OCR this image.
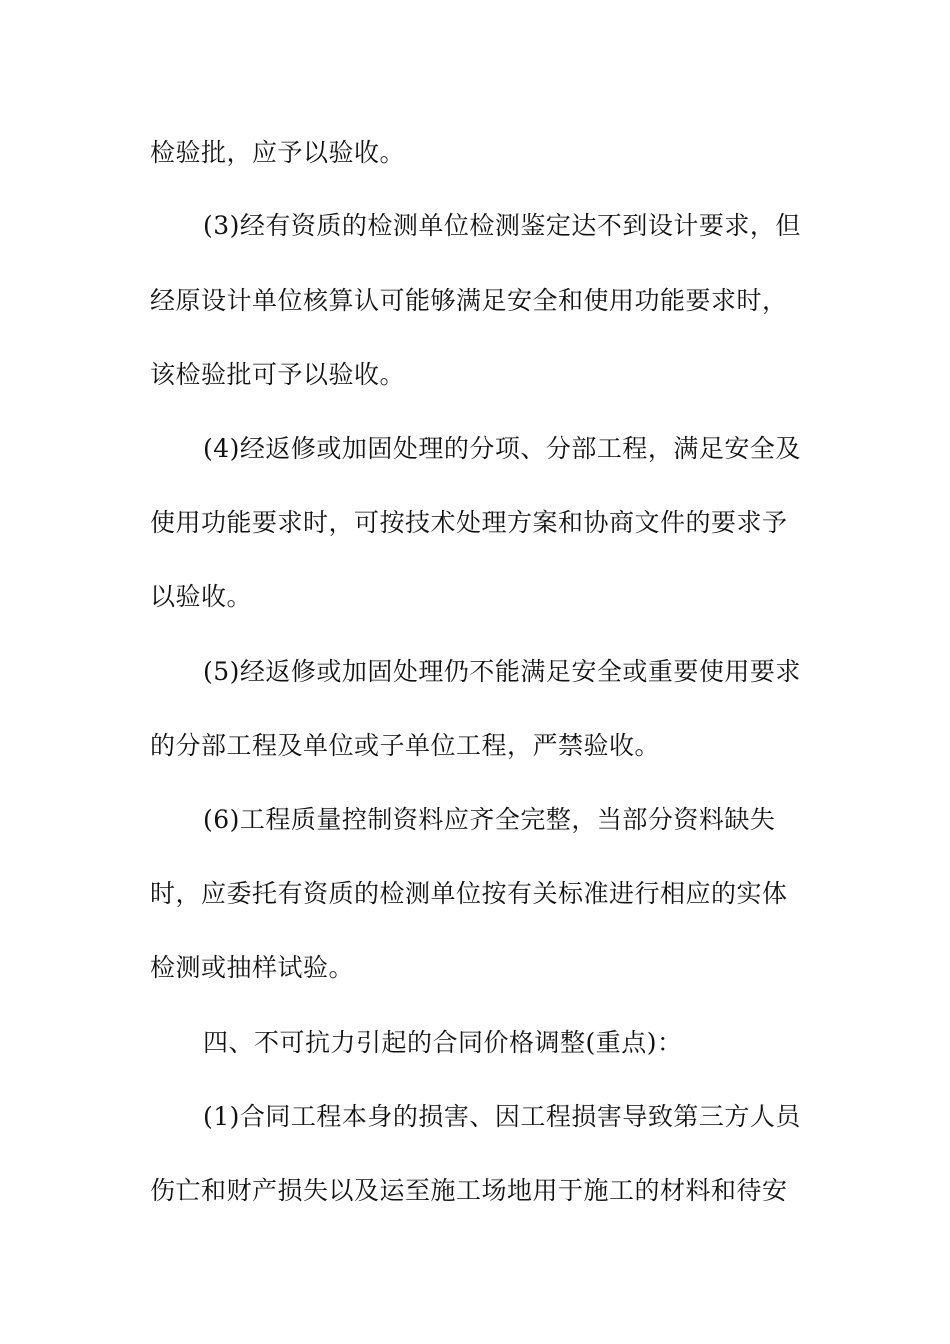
检验批，应予以验收。
(3)经有资质的检测单位检测鉴定达不到设计要求，但
经原设计单位核算认可能够满足安全和使用功能要求时，
该检验批可予以验收。
(4)经返修或加固处理的分项、分部工程，满足安全及
使用功能要求时，可按技术处理方案和协商文件的要求予
以验收。
(5)经返修或加固处理仍不能满足安全或重要使用要求
的分部工程及单位或子单位工程，严禁验收。
(6)工程质量控制资料应齐全完整，当部分资料缺失
时，应委托有资质的检测单位按有关标准进行相应的实体
检测或抽样试验。
四、不可抗力引起的合同价格调整(重点)：
(1)合同工程本身的损害、因工程损害导致第三方人员
伤亡和财产损失以及运至施工场地用于施工的材料和待安
